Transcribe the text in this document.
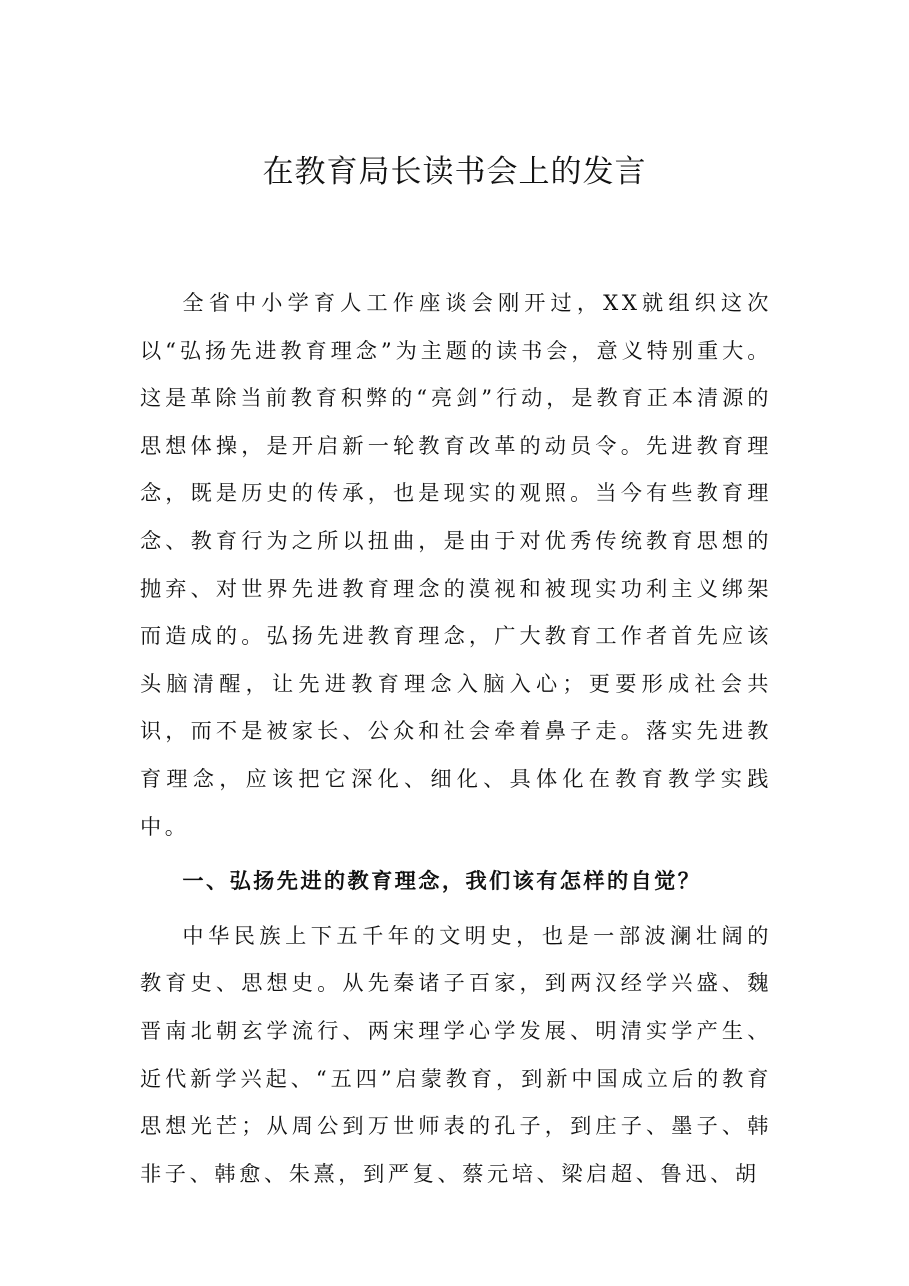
在教育局长读书会上的发言

全省中小学育人工作座谈会刚开过，XX就组织这次以“弘扬先进教育理念”为主题的读书会，意义特别重大。这是革除当前教育积弊的“亮剑”行动，是教育正本清源的思想体操，是开启新一轮教育改革的动员令。先进教育理念，既是历史的传承，也是现实的观照。当今有些教育理念、教育行为之所以扭曲，是由于对优秀传统教育思想的抛弃、对世界先进教育理念的漠视和被现实功利主义绑架而造成的。弘扬先进教育理念，广大教育工作者首先应该头脑清醒，让先进教育理念入脑入心；更要形成社会共识，而不是被家长、公众和社会牵着鼻子走。落实先进教育理念，应该把它深化、细化、具体化在教育教学实践中。

一、弘扬先进的教育理念，我们该有怎样的自觉？

中华民族上下五千年的文明史，也是一部波澜壮阔的教育史、思想史。从先秦诸子百家，到两汉经学兴盛、魏晋南北朝玄学流行、两宋理学心学发展、明清实学产生、近代新学兴起、“五四”启蒙教育，到新中国成立后的教育思想光芒；从周公到万世师表的孔子，到庄子、墨子、韩非子、韩愈、朱熹，到严复、蔡元培、梁启超、鲁迅、胡
